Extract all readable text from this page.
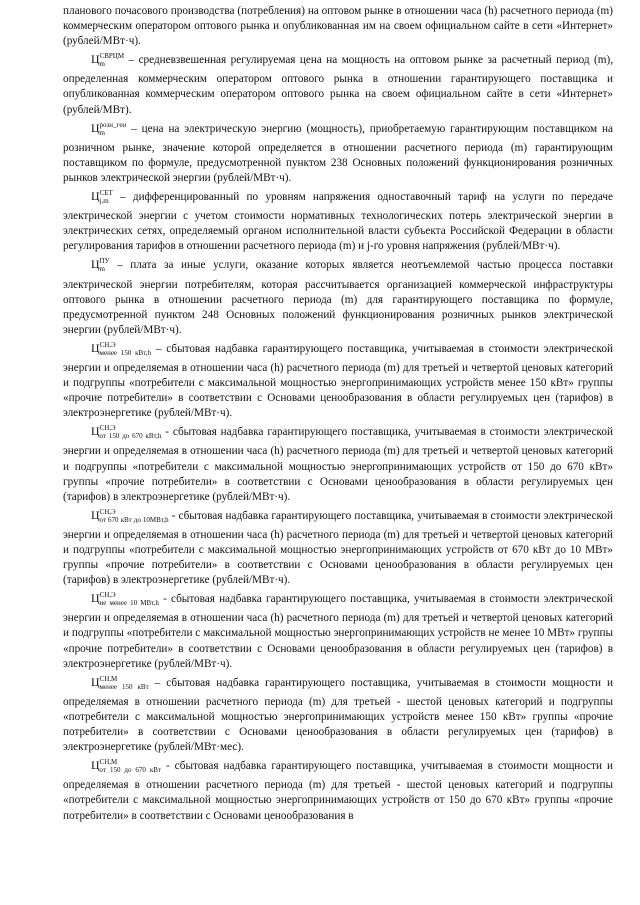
планового почасового производства (потребления) на оптовом рынке в отношении часа (h) расчетного периода (m) коммерческим оператором оптового рынка и опубликованная им на своем официальном сайте в сети «Интернет» (рублей/МВт·ч).

$Ц^{СВРЦМ}_m$ – средневзвешенная регулируемая цена на мощность на оптовом рынке за расчетный период (m), определенная коммерческим оператором оптового рынка в отношении гарантирующего поставщика и опубликованная коммерческим оператором оптового рынка на своем официальном сайте в сети «Интернет» (рублей/МВт).

$Ц^{розн\_ген}_m$ – цена на электрическую энергию (мощность), приобретаемую гарантирующим поставщиком на розничном рынке, значение которой определяется в отношении расчетного периода (m) гарантирующим поставщиком по формуле, предусмотренной пунктом 238 Основных положений функционирования розничных рынков электрической энергии (рублей/МВт·ч).

$Ц^{СЕТ}_{j,m}$ – дифференцированный по уровням напряжения одноставочный тариф на услуги по передаче электрической энергии с учетом стоимости нормативных технологических потерь электрической энергии в электрических сетях, определяемый органом исполнительной власти субъекта Российской Федерации в области регулирования тарифов в отношении расчетного периода (m) и j-го уровня напряжения (рублей/МВт·ч).

$Ц^{ПУ}_m$ – плата за иные услуги, оказание которых является неотъемлемой частью процесса поставки электрической энергии потребителям, которая рассчитывается организацией коммерческой инфраструктуры оптового рынка в отношении расчетного периода (m) для гарантирующего поставщика по формуле, предусмотренной пунктом 248 Основных положений функционирования розничных рынков электрической энергии (рублей/МВт·ч).

$Ц^{СН,Э}_{менее 150 кВт,h}$ – сбытовая надбавка гарантирующего поставщика, учитываемая в стоимости электрической энергии и определяемая в отношении часа (h) расчетного периода (m) для третьей и четвертой ценовых категорий и подгруппы «потребители с максимальной мощностью энергопринимающих устройств менее 150 кВт» группы «прочие потребители» в соответствии с Основами ценообразования в области регулируемых цен (тарифов) в электроэнергетике (рублей/МВт·ч).

$Ц^{СН,Э}_{от 150 до 670 кВт,h}$ - сбытовая надбавка гарантирующего поставщика, учитываемая в стоимости электрической энергии и определяемая в отношении часа (h) расчетного периода (m) для третьей и четвертой ценовых категорий и подгруппы «потребители с максимальной мощностью энергопринимающих устройств от 150 до 670 кВт» группы «прочие потребители» в соответствии с Основами ценообразования в области регулируемых цен (тарифов) в электроэнергетике (рублей/МВт·ч).

$Ц^{СН,Э}_{от 670 кВт до 10МВт,h}$ - сбытовая надбавка гарантирующего поставщика, учитываемая в стоимости электрической энергии и определяемая в отношении часа (h) расчетного периода (m) для третьей и четвертой ценовых категорий и подгруппы «потребители с максимальной мощностью энергопринимающих устройств от 670 кВт до 10 МВт» группы «прочие потребители» в соответствии с Основами ценообразования в области регулируемых цен (тарифов) в электроэнергетике (рублей/МВт·ч).

$Ц^{СН,Э}_{не менее 10 МВт,h}$ - сбытовая надбавка гарантирующего поставщика, учитываемая в стоимости электрической энергии и определяемая в отношении часа (h) расчетного периода (m) для третьей и четвертой ценовых категорий и подгруппы «потребители с максимальной мощностью энергопринимающих устройств не менее 10 МВт» группы «прочие потребители» в соответствии с Основами ценообразования в области регулируемых цен (тарифов) в электроэнергетике (рублей/МВт·ч).

$Ц^{СН,М}_{менее 150 кВт}$ – сбытовая надбавка гарантирующего поставщика, учитываемая в стоимости мощности и определяемая в отношении расчетного периода (m) для третьей - шестой ценовых категорий и подгруппы «потребители с максимальной мощностью энергопринимающих устройств менее 150 кВт» группы «прочие потребители» в соответствии с Основами ценообразования в области регулируемых цен (тарифов) в электроэнергетике (рублей/МВт·мес).

$Ц^{СН,М}_{от 150 до 670 кВт}$ - сбытовая надбавка гарантирующего поставщика, учитываемая в стоимости мощности и определяемая в отношении расчетного периода (m) для третьей - шестой ценовых категорий и подгруппы «потребители с максимальной мощностью энергопринимающих устройств от 150 до 670 кВт» группы «прочие потребители» в соответствии с Основами ценообразования в
